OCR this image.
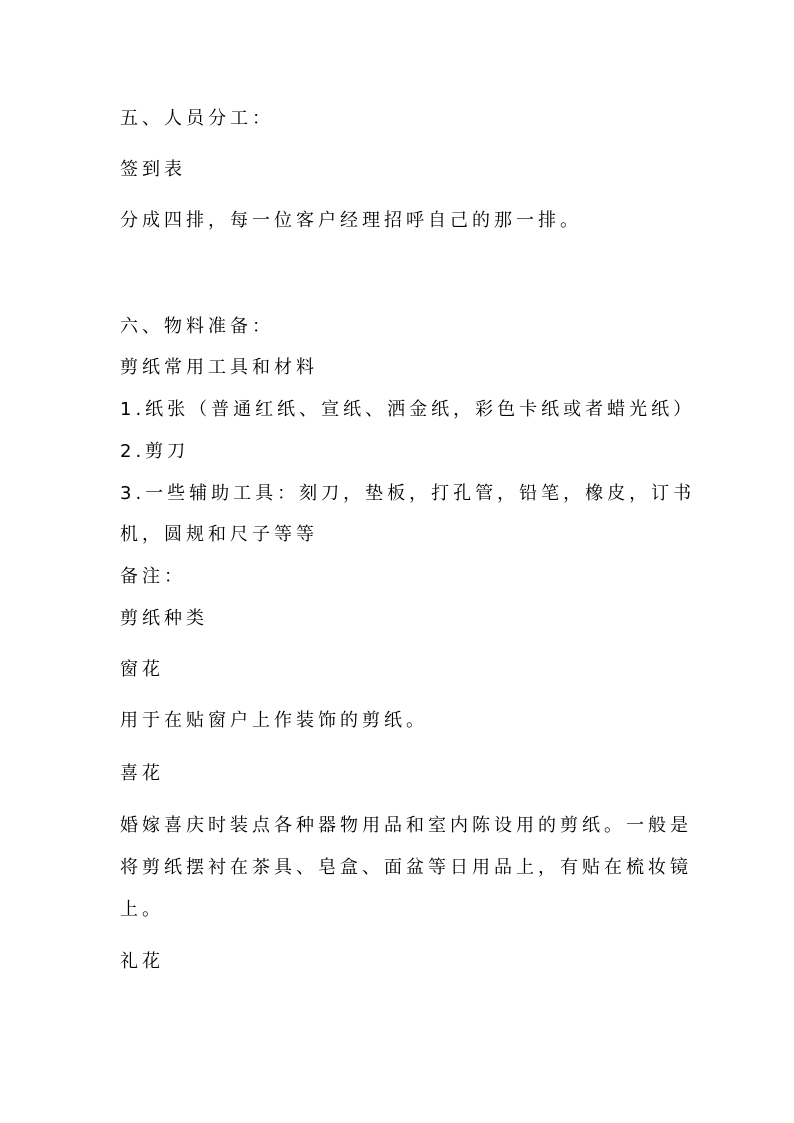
五、人员分工：

签到表

分成四排，每一位客户经理招呼自己的那一排。

六、物料准备：

剪纸常用工具和材料

1.纸张（普通红纸、宣纸、洒金纸，彩色卡纸或者蜡光纸）

2.剪刀

3.一些辅助工具：刻刀，垫板，打孔管，铅笔，橡皮，订书

机，圆规和尺子等等

备注：

剪纸种类

窗花

用于在贴窗户上作装饰的剪纸。

喜花

婚嫁喜庆时装点各种器物用品和室内陈设用的剪纸。一般是

将剪纸摆衬在茶具、皂盒、面盆等日用品上，有贴在梳妆镜

上。

礼花
